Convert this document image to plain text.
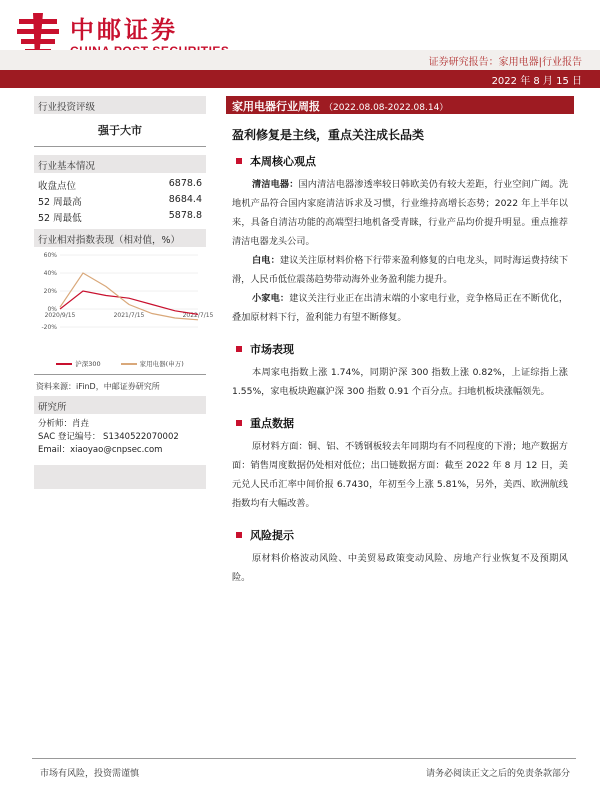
中邮证券
证券研究报告：家用电器|行业报告
2022 年 8 月 15 日
行业投资评级
强于大市
行业基本情况
收盘点位	6878.6
52 周最高	8684.4
52 周最低	5878.8
行业相对指数表现（相对值，%）
60%
40%
20%
0%
-20%
2020/9/15	2021/7/15	2022/7/15
沪深300	家用电器(申万)
资料来源：iFinD，中邮证券研究所
研究所
分析师：肖垚
SAC 登记编号： S1340522070002
Email：xiaoyao@cnpsec.com
家用电器行业周报 （2022.08.08-2022.08.14）
盈利修复是主线，重点关注成长品类
本周核心观点

清洁电器：国内清洁电器渗透率较日韩欧美仍有较大差距，行业空间广阔。洗地机产品符合国内家庭清洁诉求及习惯，行业维持高增长态势；2022 年上半年以来，具备自清洁功能的高端型扫地机备受青睐，行业产品均价提升明显。重点推荐清洁电器龙头公司。

白电：建议关注原材料价格下行带来盈利修复的白电龙头，同时海运费持续下滑，人民币低位震荡趋势带动海外业务盈利能力提升。

小家电：建议关注行业正在出清末端的小家电行业，竞争格局正在不断优化，叠加原材料下行，盈利能力有望不断修复。

市场表现

本周家电指数上涨 1.74%，同期沪深 300 指数上涨 0.82%，上证综指上涨 1.55%，家电板块跑赢沪深 300 指数 0.91 个百分点。扫地机板块涨幅领先。

重点数据

原材料方面：铜、铝、不锈钢板较去年同期均有不同程度的下滑；地产数据方面：销售周度数据仍处相对低位；出口链数据方面：截至 2022 年 8 月 12 日，美元兑人民币汇率中间价报 6.7430，年初至今上涨 5.81%，另外，美西、欧洲航线指数均有大幅改善。

风险提示

原材料价格波动风险、中美贸易政策变动风险、房地产行业恢复不及预期风险。

市场有风险，投资需谨慎	请务必阅读正文之后的免责条款部分
